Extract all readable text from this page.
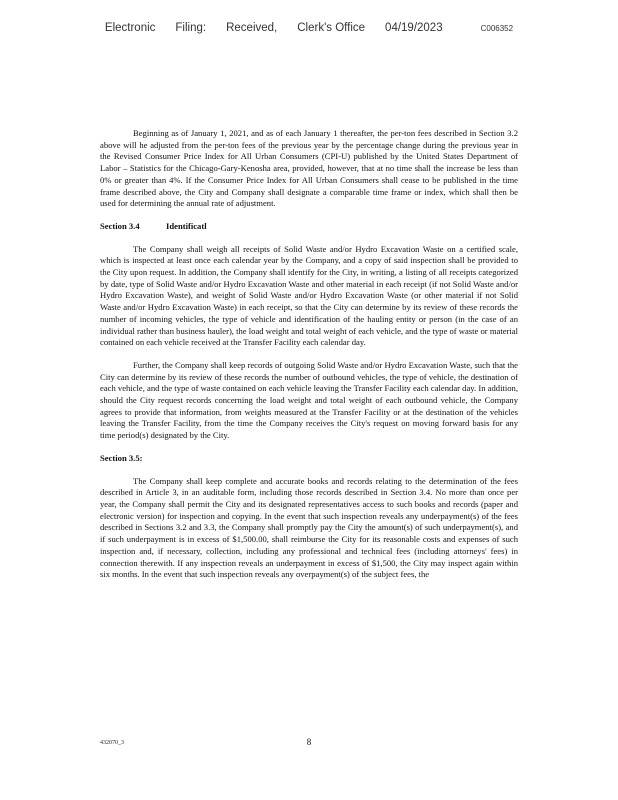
Electronic Filing: Received, Clerk's Office 04/19/2023	C006352

Beginning as of January 1, 2021, and as of each January 1 thereafter, the per-ton fees described in Section 3.2 above will he adjusted from the per-ton fees of the previous year by the percentage change during the previous year in the Revised Consumer Price Index for All Urban Consumers (CPI-U) published by the United States Department of Labor – Statistics for the Chicago-Gary-Kenosha area, provided, however, that at no time shall the increase be less than 0% or greater than 4%. If the Consumer Price Index for All Urban Consumers shall cease to be published in the time frame described above, the City and Company shall designate a comparable time frame or index, which shall then be used for determining the annual rate of adjustment.

Section 3.4	Identificatl

The Company shall weigh all receipts of Solid Waste and/or Hydro Excavation Waste on a certified scale, which is inspected at least once each calendar year by the Company, and a copy of said inspection shall be provided to the City upon request. In addition, the Company shall identify for the City, in writing, a listing of all receipts categorized by date, type of Solid Waste and/or Hydro Excavation Waste and other material in each receipt (if not Solid Waste and/or Hydro Excavation Waste), and weight of Solid Waste and/or Hydro Excavation Waste (or other material if not Solid Waste and/or Hydro Excavation Waste) in each receipt, so that the City can determine by its review of these records the number of incoming vehicles, the type of vehicle and identification of the hauling entity or person (in the case of an individual rather than business hauler), the load weight and total weight of each vehicle, and the type of waste or material contained on each vehicle received at the Transfer Facility each calendar day.

Further, the Company shall keep records of outgoing Solid Waste and/or Hydro Excavation Waste, such that the City can determine by its review of these records the number of outbound vehicles, the type of vehicle, the destination of each vehicle, and the type of waste contained on each vehicle leaving the Transfer Facility each calendar day. In addition, should the City request records concerning the load weight and total weight of each outbound vehicle, the Company agrees to provide that information, from weights measured at the Transfer Facility or at the destination of the vehicles leaving the Transfer Facility, from the time the Company receives the City's request on moving forward basis for any time period(s) designated by the City.

Section 3.5:

The Company shall keep complete and accurate books and records relating to the determination of the fees described in Article 3, in an auditable form, including those records described in Section 3.4. No more than once per year, the Company shall permit the City and its designated representatives access to such books and records (paper and electronic version) for inspection and copying. In the event that such inspection reveals any underpayment(s) of the fees described in Sections 3.2 and 3.3, the Company shall promptly pay the City the amount(s) of such underpayment(s), and if such underpayment is in excess of $1,500.00, shall reimburse the City for its reasonable costs and expenses of such inspection and, if necessary, collection, including any professional and technical fees (including attorneys' fees) in connection therewith. If any inspection reveals an underpayment in excess of $1,500, the City may inspect again within six months. In the event that such inspection reveals any overpayment(s) of the subject fees, the

432070_3	8
